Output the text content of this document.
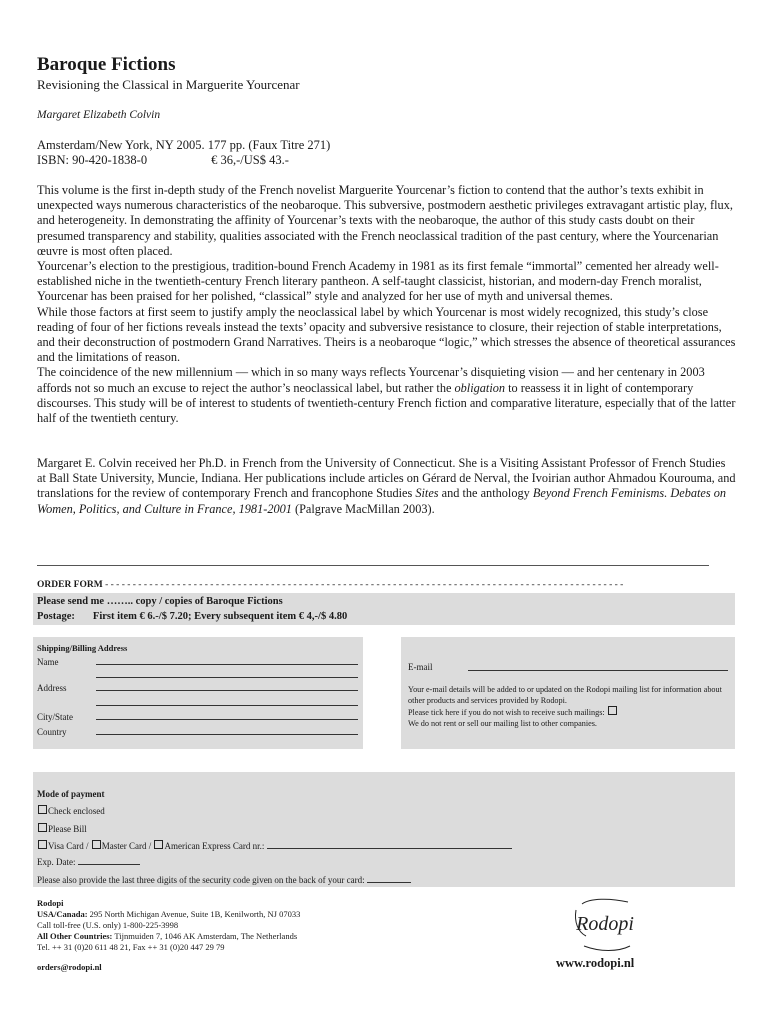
Baroque Fictions
Revisioning the Classical in Marguerite Yourcenar
Margaret Elizabeth Colvin
Amsterdam/New York, NY 2005. 177 pp. (Faux Titre 271)
ISBN: 90-420-1838-0	€ 36,-/US$ 43.-

This volume is the first in-depth study of the French novelist Marguerite Yourcenar’s fiction to contend that the author’s texts exhibit in unexpected ways numerous characteristics of the neobaroque. This subversive, postmodern aesthetic privileges extravagant artistic play, flux, and heterogeneity. In demonstrating the affinity of Yourcenar’s texts with the neobaroque, the author of this study casts doubt on their presumed transparency and stability, qualities associated with the French neoclassical tradition of the past century, where the Yourcenarian œuvre is most often placed.

Yourcenar’s election to the prestigious, tradition-bound French Academy in 1981 as its first female “immortal” cemented her already well-established niche in the twentieth-century French literary pantheon. A self-taught classicist, historian, and modern-day French moralist, Yourcenar has been praised for her polished, “classical” style and analyzed for her use of myth and universal themes.

While those factors at first seem to justify amply the neoclassical label by which Yourcenar is most widely recognized, this study’s close reading of four of her fictions reveals instead the texts’ opacity and subversive resistance to closure, their rejection of stable interpretations, and their deconstruction of postmodern Grand Narratives. Theirs is a neobaroque “logic,” which stresses the absence of theoretical assurances and the limitations of reason.

The coincidence of the new millennium — which in so many ways reflects Yourcenar’s disquieting vision — and her centenary in 2003 affords not so much an excuse to reject the author’s neoclassical label, but rather the obligation to reassess it in light of contemporary discourses. This study will be of interest to students of twentieth-century French fiction and comparative literature, especially that of the latter half of the twentieth century.

Margaret E. Colvin received her Ph.D. in French from the University of Connecticut. She is a Visiting Assistant Professor of French Studies at Ball State University, Muncie, Indiana. Her publications include articles on Gérard de Nerval, the Ivoirian author Ahmadou Kourouma, and translations for the review of contemporary French and francophone Studies Sites and the anthology Beyond French Feminisms. Debates on Women, Politics, and Culture in France, 1981-2001 (Palgrave MacMillan 2003).
ORDER FORM - - - - - - - - - - - - - - - - - - - - - - - - - - - - - - - - - - - - - - - - - - - - - - - - - - - - - - - - - - - - - - - - - - - - - - - - - - - - - - - - - - - - - - - - - - - - - -
Please send me …….. copy / copies of Baroque Fictions
Postage: First item € 6.-/$ 7.20; Every subsequent item € 4,-/$ 4.80
Shipping/Billing Address
Name
Address
City/State
Country
E-mail
Your e-mail details will be added to or updated on the Rodopi mailing list for information about other products and services provided by Rodopi.
Please tick here if you do not wish to receive such mailings:
We do not rent or sell our mailing list to other companies.
Mode of payment
Check enclosed
Please Bill
Visa Card / Master Card / American Express Card nr.:
Exp. Date:
Please also provide the last three digits of the security code given on the back of your card:
Rodopi
USA/Canada: 295 North Michigan Avenue, Suite 1B, Kenilworth, NJ 07033
Call toll-free (U.S. only) 1-800-225-3998
All Other Countries: Tijnmuiden 7, 1046 AK Amsterdam, The Netherlands
Tel. ++ 31 (0)20 611 48 21, Fax ++ 31 (0)20 447 29 79
orders@rodopi.nl
Rodopi
www.rodopi.nl
